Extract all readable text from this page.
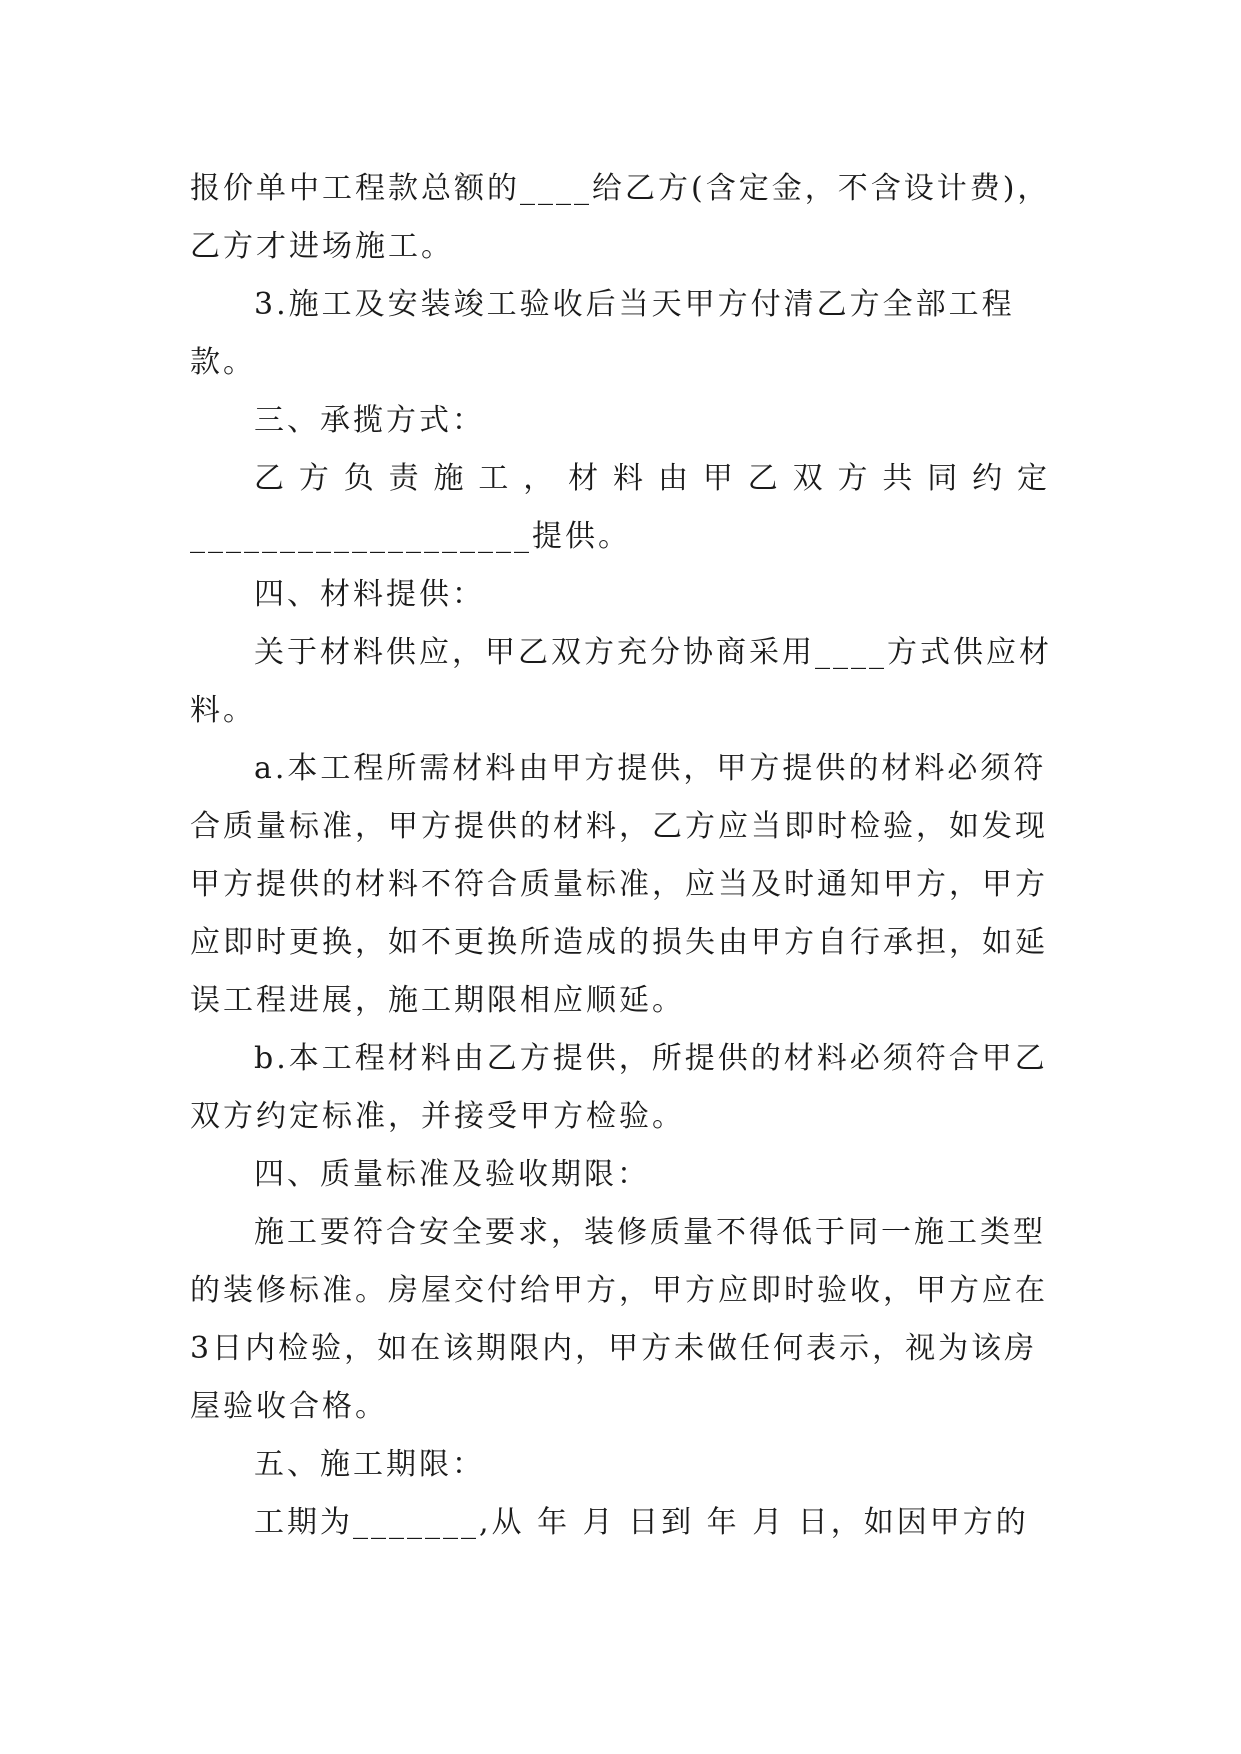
报价单中工程款总额的____给乙方(含定金，不含设计费)，
乙方才进场施工。
3.施工及安装竣工验收后当天甲方付清乙方全部工程
款。
三、承揽方式：
乙方负责施工，材料由甲乙双方共同约定
___________________提供。
四、材料提供：
关于材料供应，甲乙双方充分协商采用____方式供应材
料。
a.本工程所需材料由甲方提供，甲方提供的材料必须符
合质量标准，甲方提供的材料，乙方应当即时检验，如发现
甲方提供的材料不符合质量标准，应当及时通知甲方，甲方
应即时更换，如不更换所造成的损失由甲方自行承担，如延
误工程进展，施工期限相应顺延。
b.本工程材料由乙方提供，所提供的材料必须符合甲乙
双方约定标准，并接受甲方检验。
四、质量标准及验收期限：
施工要符合安全要求，装修质量不得低于同一施工类型
的装修标准。房屋交付给甲方，甲方应即时验收，甲方应在
3日内检验，如在该期限内，甲方未做任何表示，视为该房
屋验收合格。
五、施工期限：
工期为_______,从 年 月 日到 年 月 日，如因甲方的
